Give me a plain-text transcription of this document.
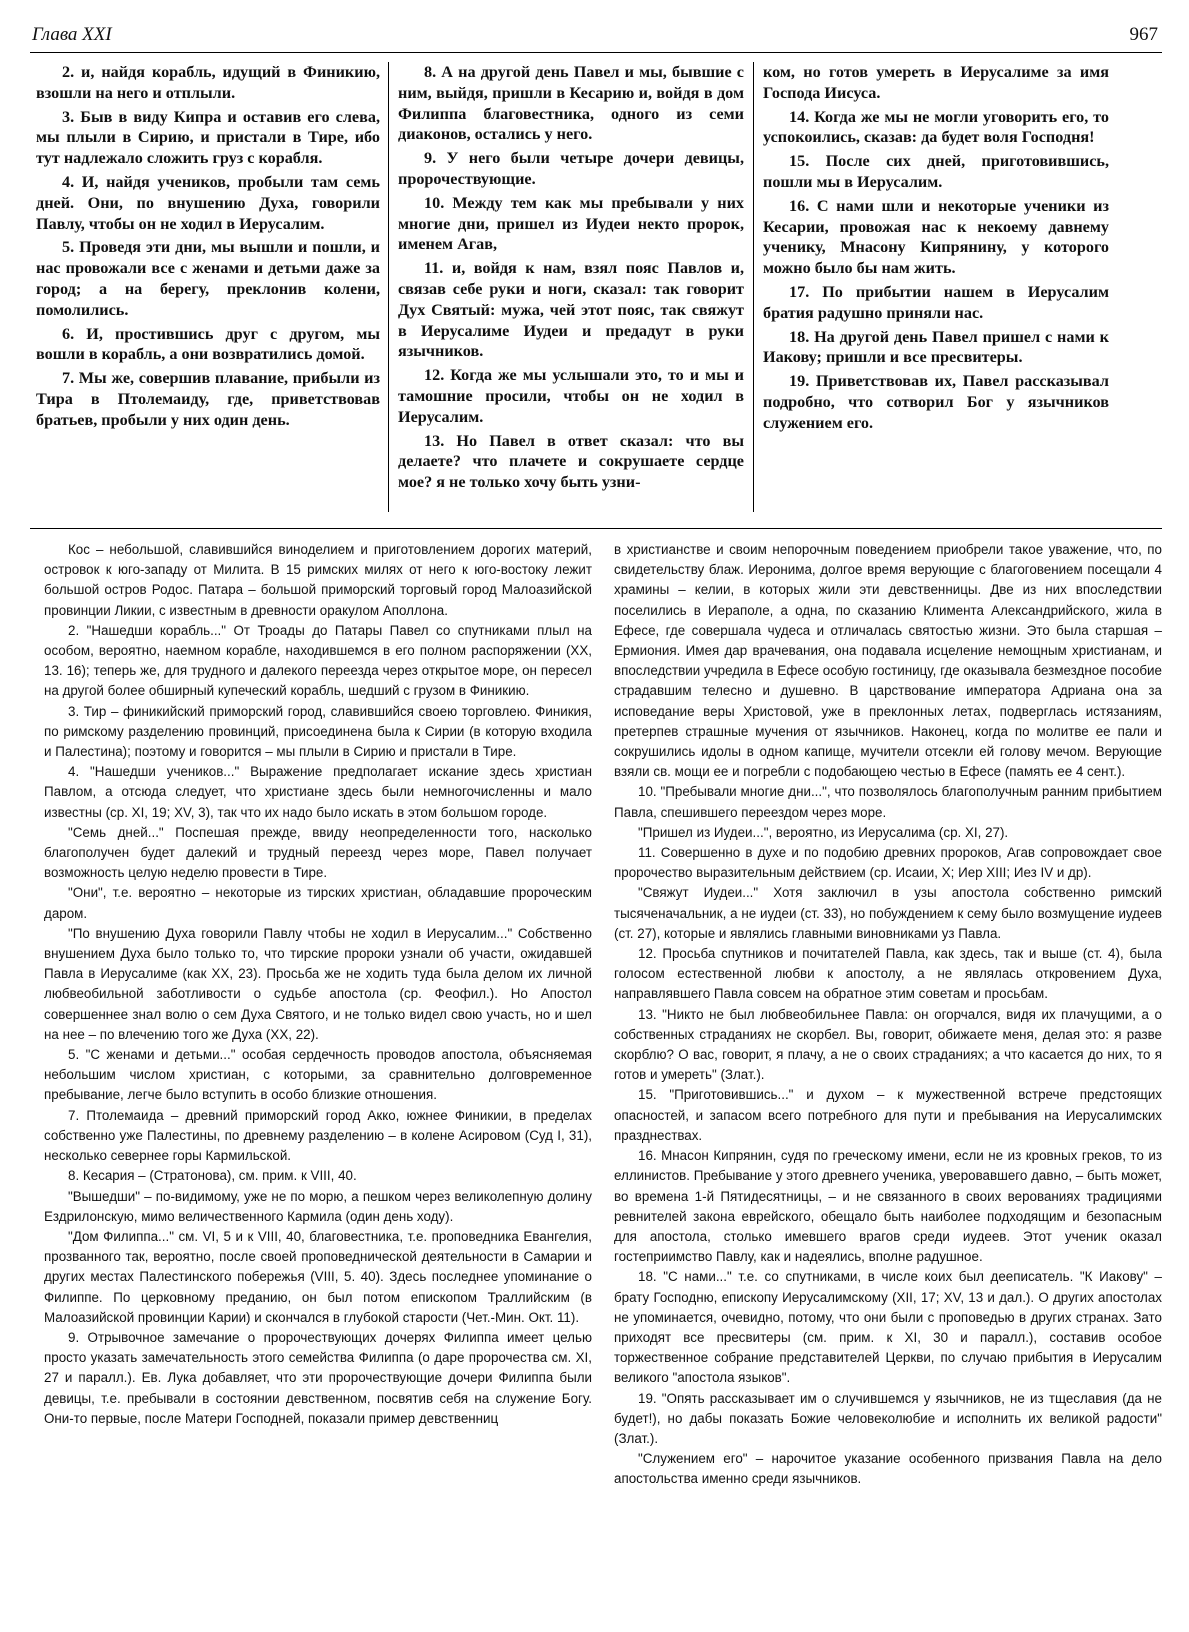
Глава XXI	967

2. и, найдя корабль, идущий в Финикию, взошли на него и отплыли.

3. Быв в виду Кипра и оставив его слева, мы плыли в Сирию, и пристали в Тире, ибо тут надлежало сложить груз с корабля.

4. И, найдя учеников, пробыли там семь дней. Они, по внушению Духа, говорили Павлу, чтобы он не ходил в Иерусалим.

5. Проведя эти дни, мы вышли и пошли, и нас провожали все с женами и детьми даже за город; а на берегу, преклонив колени, помолились.

6. И, простившись друг с другом, мы вошли в корабль, а они возвратились домой.

7. Мы же, совершив плавание, прибыли из Тира в Птолемаиду, где, приветствовав братьев, пробыли у них один день.

8. А на другой день Павел и мы, бывшие с ним, выйдя, пришли в Кесарию и, войдя в дом Филиппа благовестника, одного из семи диаконов, остались у него.

9. У него были четыре дочери девицы, пророчествующие.

10. Между тем как мы пребывали у них многие дни, пришел из Иудеи некто пророк, именем Агав,

11. и, войдя к нам, взял пояс Павлов и, связав себе руки и ноги, сказал: так говорит Дух Святый: мужа, чей этот пояс, так свяжут в Иерусалиме Иудеи и предадут в руки язычников.

12. Когда же мы услышали это, то и мы и тамошние просили, чтобы он не ходил в Иерусалим.

13. Но Павел в ответ сказал: что вы делаете? что плачете и сокрушаете сердце мое? я не только хочу быть узни-

ком, но готов умереть в Иерусалиме за имя Господа Иисуса.

14. Когда же мы не могли уговорить его, то успокоились, сказав: да будет воля Господня!

15. После сих дней, приготовившись, пошли мы в Иерусалим.

16. С нами шли и некоторые ученики из Кесарии, провожая нас к некоему давнему ученику, Мнасону Кипрянину, у которого можно было бы нам жить.

17. По прибытии нашем в Иерусалим братия радушно приняли нас.

18. На другой день Павел пришел с нами к Иакову; пришли и все пресвитеры.

19. Приветствовав их, Павел рассказывал подробно, что сотворил Бог у язычников служением его.

Кос – небольшой, славившийся виноделием и приготовлением дорогих материй, островок к юго-западу от Милита. В 15 римских милях от него к юго-востоку лежит большой остров Родос. Патара – большой приморский торговый город Малоазийской провинции Ликии, с известным в древности оракулом Аполлона.

2. "Нашедши корабль..." От Троады до Патары Павел со спутниками плыл на особом, вероятно, наемном корабле, находившемся в его полном распоряжении (XX, 13. 16); теперь же, для трудного и далекого переезда через открытое море, он пересел на другой более обширный купеческий корабль, шедший с грузом в Финикию.

3. Тир – финикийский приморский город, славившийся своею торговлею. Финикия, по римскому разделению провинций, присоединена была к Сирии (в которую входила и Палестина); поэтому и говорится – мы плыли в Сирию и пристали в Тире.

4. "Нашедши учеников..." Выражение предполагает искание здесь христиан Павлом, а отсюда следует, что христиане здесь были немногочисленны и мало известны (ср. XI, 19; XV, 3), так что их надо было искать в этом большом городе.

"Семь дней..." Поспешая прежде, ввиду неопределенности того, насколько благополучен будет далекий и трудный переезд через море, Павел получает возможность целую неделю провести в Тире.

"Они", т.е. вероятно – некоторые из тирских христиан, обладавшие пророческим даром.

"По внушению Духа говорили Павлу чтобы не ходил в Иерусалим..." Собственно внушением Духа было только то, что тирские пророки узнали об участи, ожидавшей Павла в Иерусалиме (как XX, 23). Просьба же не ходить туда была делом их личной любвеобильной заботливости о судьбе апостола (ср. Феофил.). Но Апостол совершеннее знал волю о сем Духа Святого, и не только видел свою участь, но и шел на нее – по влечению того же Духа (XX, 22).

5. "С женами и детьми..." особая сердечность проводов апостола, объясняемая небольшим числом христиан, с которыми, за сравнительно долговременное пребывание, легче было вступить в особо близкие отношения.

7. Птолемаида – древний приморский город Акко, южнее Финикии, в пределах собственно уже Палестины, по древнему разделению – в колене Асировом (Суд I, 31), несколько севернее горы Кармильской.

8. Кесария – (Стратонова), см. прим. к VIII, 40.

"Вышедши" – по-видимому, уже не по морю, а пешком через великолепную долину Ездрилонскую, мимо величественного Кармила (один день ходу).

"Дом Филиппа..." см. VI, 5 и к VIII, 40, благовестника, т.е. проповедника Евангелия, прозванного так, вероятно, после своей проповеднической деятельности в Самарии и других местах Палестинского побережья (VIII, 5. 40). Здесь последнее упоминание о Филиппе. По церковному преданию, он был потом епископом Траллийским (в Малоазийской провинции Карии) и скончался в глубокой старости (Чет.-Мин. Окт. 11).

9. Отрывочное замечание о пророчествующих дочерях Филиппа имеет целью просто указать замечательность этого семейства Филиппа (о даре пророчества см. XI, 27 и паралл.). Ев. Лука добавляет, что эти пророчествующие дочери Филиппа были девицы, т.е. пребывали в состоянии девственном, посвятив себя на служение Богу. Они-то первые, после Матери Господней, показали пример девственниц

в христианстве и своим непорочным поведением приобрели такое уважение, что, по свидетельству блаж. Иеронима, долгое время верующие с благоговением посещали 4 храмины – келии, в которых жили эти девственницы. Две из них впоследствии поселились в Иераполе, а одна, по сказанию Климента Александрийского, жила в Ефесе, где совершала чудеса и отличалась святостью жизни. Это была старшая – Ермиония. Имея дар врачевания, она подавала исцеление немощным христианам, и впоследствии учредила в Ефесе особую гостиницу, где оказывала безмездное пособие страдавшим телесно и душевно. В царствование императора Адриана она за исповедание веры Христовой, уже в преклонных летах, подверглась истязаниям, претерпев страшные мучения от язычников. Наконец, когда по молитве ее пали и сокрушились идолы в одном капище, мучители отсекли ей голову мечом. Верующие взяли св. мощи ее и погребли с подобающею честью в Ефесе (память ее 4 сент.).

10. "Пребывали многие дни...", что позволялось благополучным ранним прибытием Павла, спешившего переездом через море.

"Пришел из Иудеи...", вероятно, из Иерусалима (ср. XI, 27).

11. Совершенно в духе и по подобию древних пророков, Агав сопровождает свое пророчество выразительным действием (ср. Исаии, Х; Иер XIII; Иез IV и др).

"Свяжут Иудеи..." Хотя заключил в узы апостола собственно римский тысяченачальник, а не иудеи (ст. 33), но побуждением к сему было возмущение иудеев (ст. 27), которые и являлись главными виновниками уз Павла.

12. Просьба спутников и почитателей Павла, как здесь, так и выше (ст. 4), была голосом естественной любви к апостолу, а не являлась откровением Духа, направлявшего Павла совсем на обратное этим советам и просьбам.

13. "Никто не был любвеобильнее Павла: он огорчался, видя их плачущими, а о собственных страданиях не скорбел. Вы, говорит, обижаете меня, делая это: я разве скорблю? О вас, говорит, я плачу, а не о своих страданиях; а что касается до них, то я готов и умереть" (Злат.).

15. "Приготовившись..." и духом – к мужественной встрече предстоящих опасностей, и запасом всего потребного для пути и пребывания на Иерусалимских празднествах.

16. Мнасон Кипрянин, судя по греческому имени, если не из кровных греков, то из еллинистов. Пребывание у этого древнего ученика, уверовавшего давно, – быть может, во времена 1-й Пятидесятницы, – и не связанного в своих верованиях традициями ревнителей закона еврейского, обещало быть наиболее подходящим и безопасным для апостола, столько имевшего врагов среди иудеев. Этот ученик оказал гостеприимство Павлу, как и надеялись, вполне радушное.

18. "С нами..." т.е. со спутниками, в числе коих был дееписатель. "К Иакову" – брату Господню, епископу Иерусалимскому (XII, 17; XV, 13 и дал.). О других апостолах не упоминается, очевидно, потому, что они были с проповедью в других странах. Зато приходят все пресвитеры (см. прим. к XI, 30 и паралл.), составив особое торжественное собрание представителей Церкви, по случаю прибытия в Иерусалим великого "апостола языков".

19. "Опять рассказывает им о случившемся у язычников, не из тщеславия (да не будет!), но дабы показать Божие человеколюбие и исполнить их великой радости" (Злат.).

"Служением его" – нарочитое указание особенного призвания Павла на дело апостольства именно среди язычников.
